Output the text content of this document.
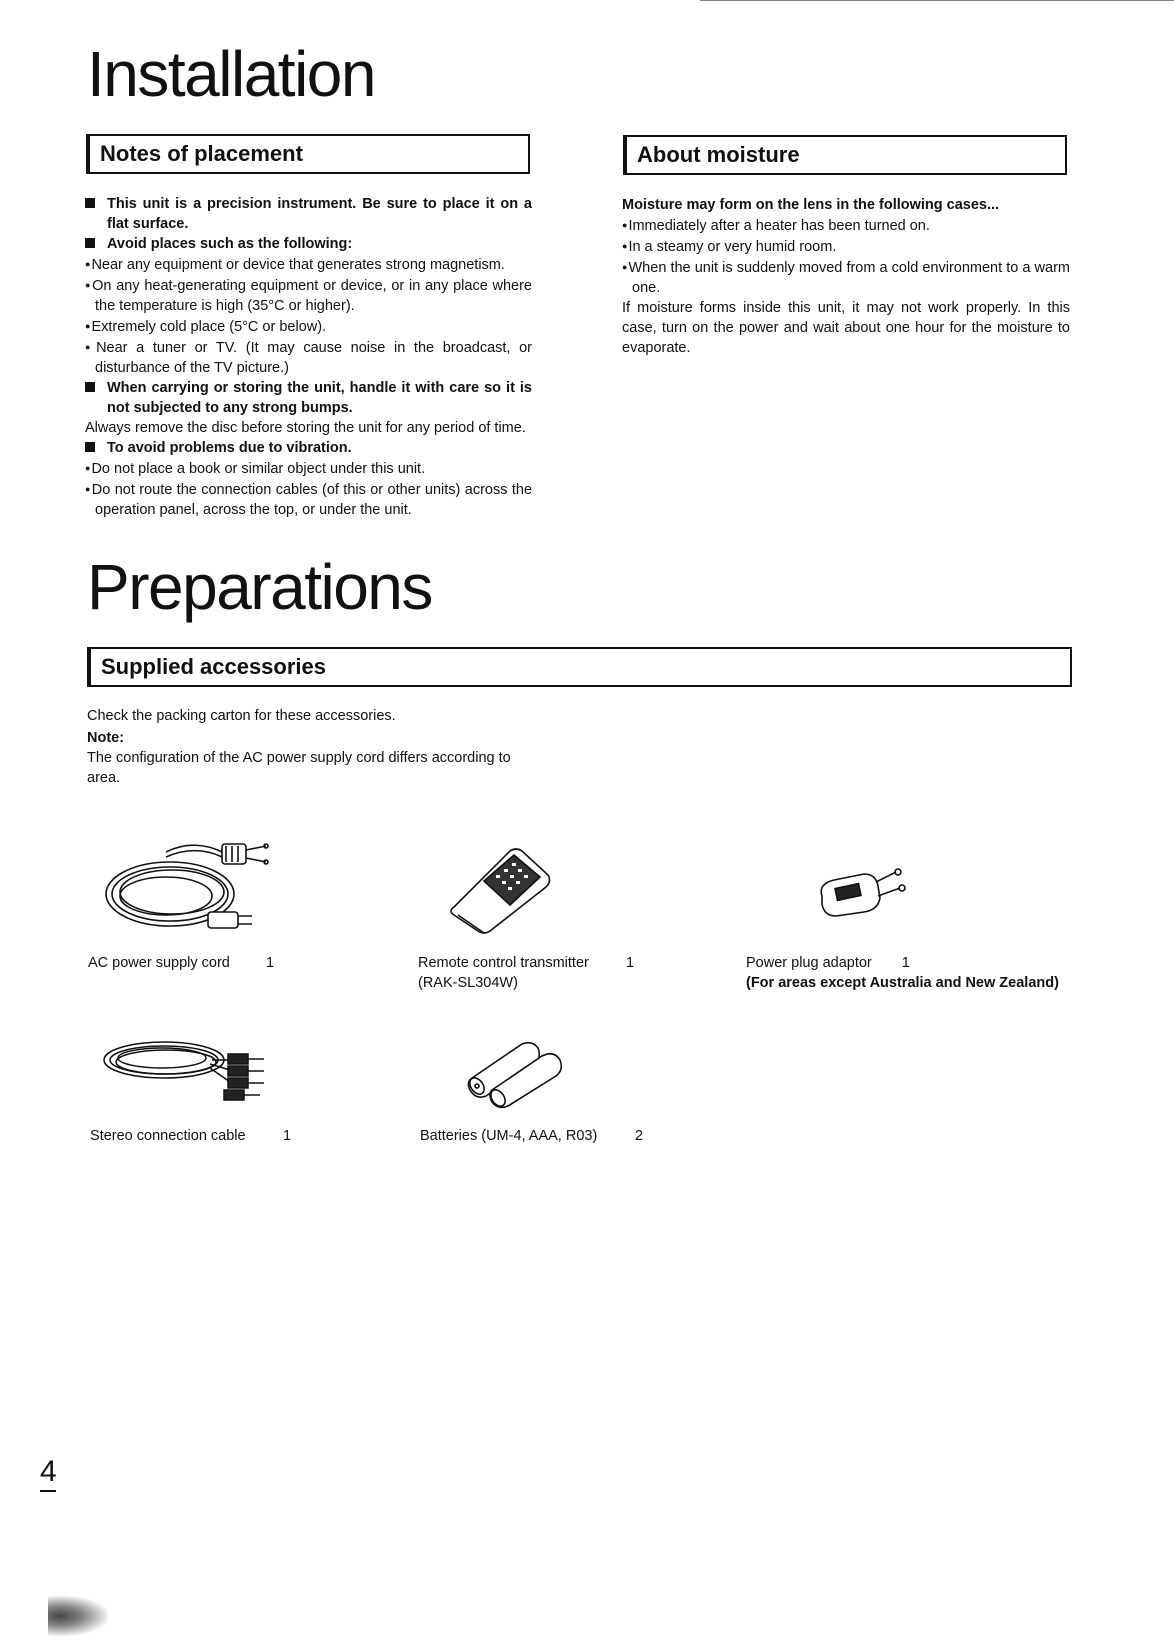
Installation
Notes of placement

This unit is a precision instrument. Be sure to place it on a flat surface.

Avoid places such as the following:

● Near any equipment or device that generates strong magnetism.

● On any heat-generating equipment or device, or in any place where the temperature is high (35°C or higher).

● Extremely cold place (5°C or below).

● Near a tuner or TV. (It may cause noise in the broadcast, or disturbance of the TV picture.)

When carrying or storing the unit, handle it with care so it is not subjected to any strong bumps.

Always remove the disc before storing the unit for any period of time.

To avoid problems due to vibration.

● Do not place a book or similar object under this unit.

● Do not route the connection cables (of this or other units) across the operation panel, across the top, or under the unit.

About moisture

Moisture may form on the lens in the following cases...

● Immediately after a heater has been turned on.

● In a steamy or very humid room.

● When the unit is suddenly moved from a cold environment to a warm one.

If moisture forms inside this unit, it may not work properly. In this case, turn on the power and wait about one hour for the moisture to evaporate.

Preparations
Supplied accessories

Check the packing carton for these accessories.

Note:

The configuration of the AC power supply cord differs according to area.

AC power supply cord 1	Remote control transmitter
(RAK-SL304W)
1	Power plug adaptor 1
(For areas except Australia and New Zealand)
Stereo connection cable	1	Batteries (UM-4, AAA, R03)	2
4
